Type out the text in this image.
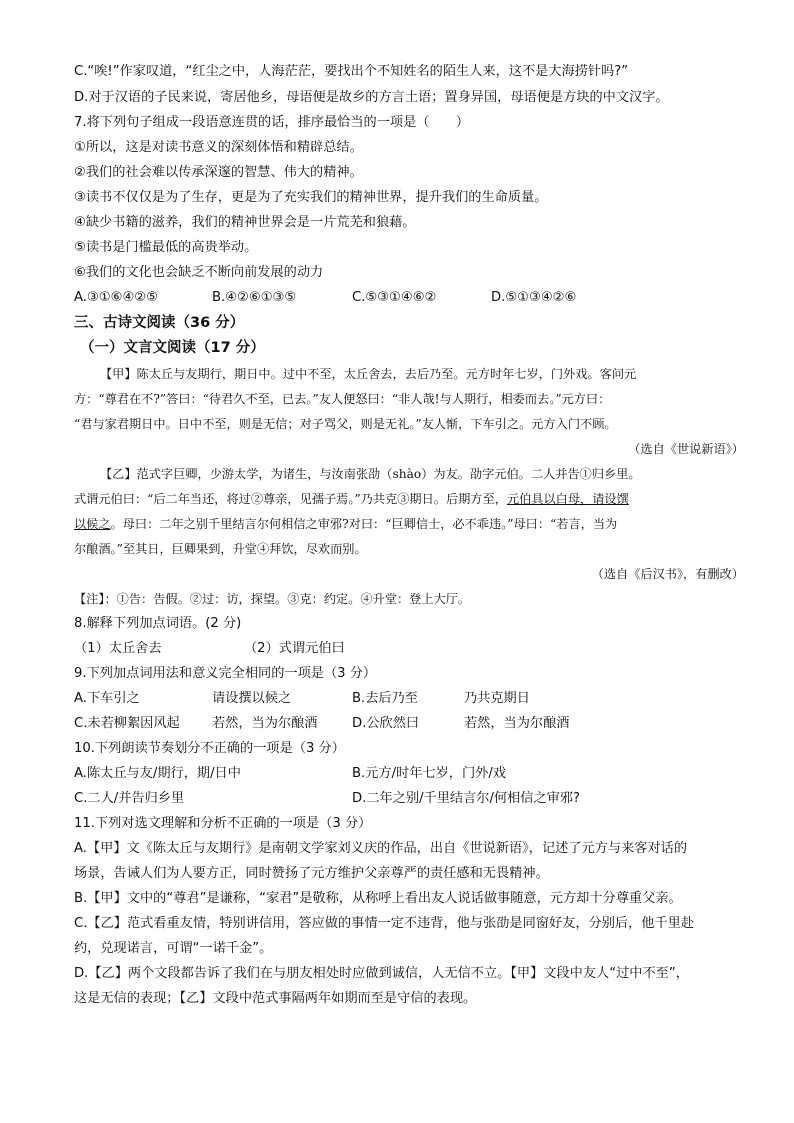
C.“唉!”作家叹道，“红尘之中，人海茫茫，要找出个不知姓名的陌生人来，这不是大海捞针吗?”
D.对于汉语的子民来说，寄居他乡，母语便是故乡的方言土语；置身异国，母语便是方块的中文汉字。
7.将下列句子组成一段语意连贯的话，排序最恰当的一项是（　　）
①所以，这是对读书意义的深刻体悟和精辟总结。
②我们的社会难以传承深邃的智慧、伟大的精神。
③读书不仅仅是为了生存，更是为了充实我们的精神世界，提升我们的生命质量。
④缺少书籍的滋养，我们的精神世界会是一片荒芜和狼藉。
⑤读书是门槛最低的高贵举动。
⑥我们的文化也会缺乏不断向前发展的动力
A.③①⑥④②⑤	B.④②⑥①③⑤	C.⑤③①④⑥②	D.⑤①③④②⑥
三、古诗文阅读（36 分）
（一）文言文阅读（17 分）
【甲】陈太丘与友期行，期日中。过中不至，太丘舍去，去后乃至。元方时年七岁，门外戏。客问元
方：“尊君在不?”答曰：“待君久不至，已去。”友人便怒曰：“非人哉!与人期行，相委而去。”元方曰：
“君与家君期日中。日中不至，则是无信；对子骂父，则是无礼。”友人惭，下车引之。元方入门不顾。
（选自《世说新语》）
【乙】范式字巨卿，少游太学，为诸生，与汝南张劭（shào）为友。劭字元伯。二人并告①归乡里。
式谓元伯曰：“后二年当还，将过②尊亲，见孺子焉。”乃共克③期日。后期方至，元伯具以白母，请设馔
以候之。母曰：二年之别千里结言尔何相信之审邪?对曰：“巨卿信士，必不乖违。”母曰：“若言，当为
尔酿酒。”至其日，巨卿果到，升堂④拜饮，尽欢而别。
（选自《后汉书》，有删改）
【注】：①告：告假。②过：访，探望。③克：约定。④升堂：登上大厅。
8.解释下列加点词语。(2 分)
（1）太丘舍去	（2）式谓元伯曰
9.下列加点词用法和意义完全相同的一项是（3 分）
A.下车引之	请设撰以候之	B.去后乃至	乃共克期日
C.未若柳絮因风起 若然，当为尔酿酒	D.公欣然曰	若然，当为尔酿酒
10.下列朗读节奏划分不正确的一项是（3 分）
A.陈太丘与友/期行，期/日中	B.元方/时年七岁，门外/戏
C.二人/并告归乡里	D.二年之别/千里结言尔/何相信之审邪?
11.下列对选文理解和分析不正确的一项是（3 分）
A.【甲】文《陈太丘与友期行》是南朝文学家刘义庆的作品，出自《世说新语》，记述了元方与来客对话的
场景，告诫人们为人要方正，同时赞扬了元方维护父亲尊严的责任感和无畏精神。
B.【甲】文中的“尊君”是谦称，“家君”是敬称，从称呼上看出友人说话做事随意，元方却十分尊重父亲。
C.【乙】范式看重友情，特别讲信用，答应做的事情一定不违背，他与张劭是同窗好友，分别后，他千里赴
约，兑现诺言，可谓“一诺千金”。
D.【乙】两个文段都告诉了我们在与朋友相处时应做到诚信，人无信不立。【甲】文段中友人“过中不至”，
这是无信的表现；【乙】文段中范式事隔两年如期而至是守信的表现。
